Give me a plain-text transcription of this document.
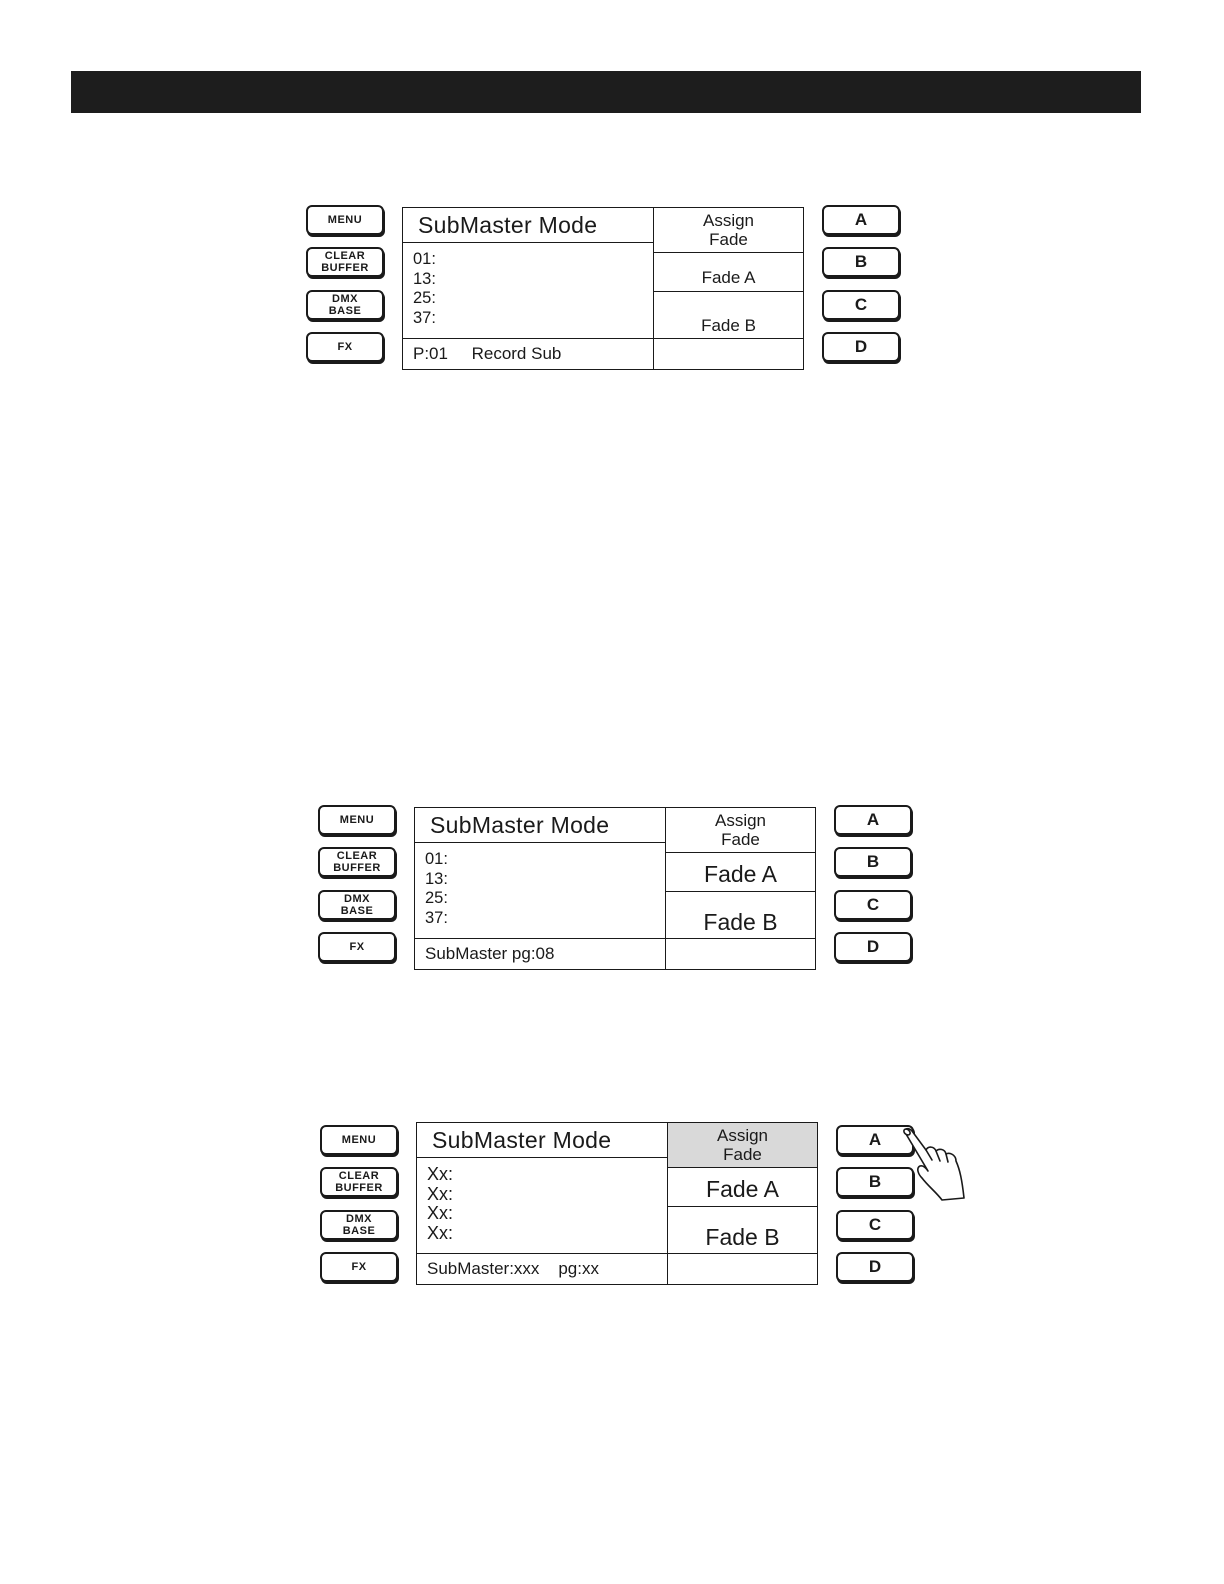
MENU
CLEAR
BUFFER
DMX
BASE
FX
SubMaster Mode
01:
13:
25:
37:
P:01     Record Sub
Assign
Fade
Fade A
Fade B
A
B
C
D
MENU
CLEAR
BUFFER
DMX
BASE
FX
SubMaster Mode
01:
13:
25:
37:
SubMaster pg:08
Assign
Fade
Fade A
Fade B
A
B
C
D
MENU
CLEAR
BUFFER
DMX
BASE
FX
SubMaster Mode
Xx:
Xx:
Xx:
Xx:
SubMaster:xxx    pg:xx
Assign
Fade
Fade A
Fade B
A
B
C
D
